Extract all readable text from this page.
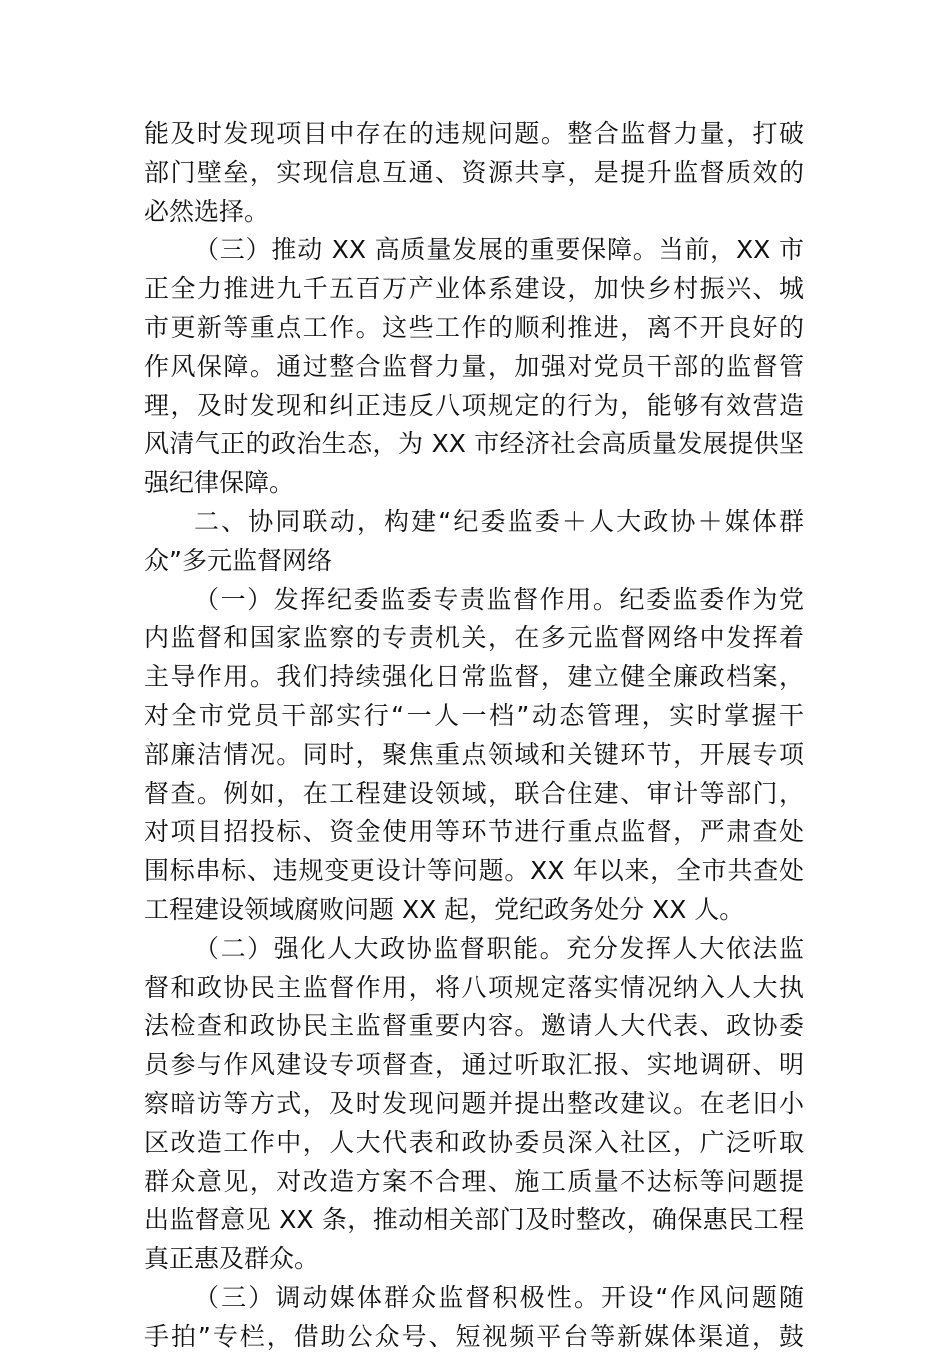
能及时发现项目中存在的违规问题。整合监督力量，打破
部门壁垒，实现信息互通、资源共享，是提升监督质效的
必然选择。
（三）推动 XX 高质量发展的重要保障。当前，XX 市
正全力推进九千五百万产业体系建设，加快乡村振兴、城
市更新等重点工作。这些工作的顺利推进，离不开良好的
作风保障。通过整合监督力量，加强对党员干部的监督管
理，及时发现和纠正违反八项规定的行为，能够有效营造
风清气正的政治生态，为 XX 市经济社会高质量发展提供坚
强纪律保障。
二、协同联动，构建“纪委监委＋人大政协＋媒体群
众”多元监督网络
（一）发挥纪委监委专责监督作用。纪委监委作为党
内监督和国家监察的专责机关，在多元监督网络中发挥着
主导作用。我们持续强化日常监督，建立健全廉政档案，
对全市党员干部实行“一人一档”动态管理，实时掌握干
部廉洁情况。同时，聚焦重点领域和关键环节，开展专项
督查。例如，在工程建设领域，联合住建、审计等部门，
对项目招投标、资金使用等环节进行重点监督，严肃查处
围标串标、违规变更设计等问题。XX 年以来，全市共查处
工程建设领域腐败问题 XX 起，党纪政务处分 XX 人。
（二）强化人大政协监督职能。充分发挥人大依法监
督和政协民主监督作用，将八项规定落实情况纳入人大执
法检查和政协民主监督重要内容。邀请人大代表、政协委
员参与作风建设专项督查，通过听取汇报、实地调研、明
察暗访等方式，及时发现问题并提出整改建议。在老旧小
区改造工作中，人大代表和政协委员深入社区，广泛听取
群众意见，对改造方案不合理、施工质量不达标等问题提
出监督意见 XX 条，推动相关部门及时整改，确保惠民工程
真正惠及群众。
（三）调动媒体群众监督积极性。开设“作风问题随
手拍”专栏，借助公众号、短视频平台等新媒体渠道，鼓
